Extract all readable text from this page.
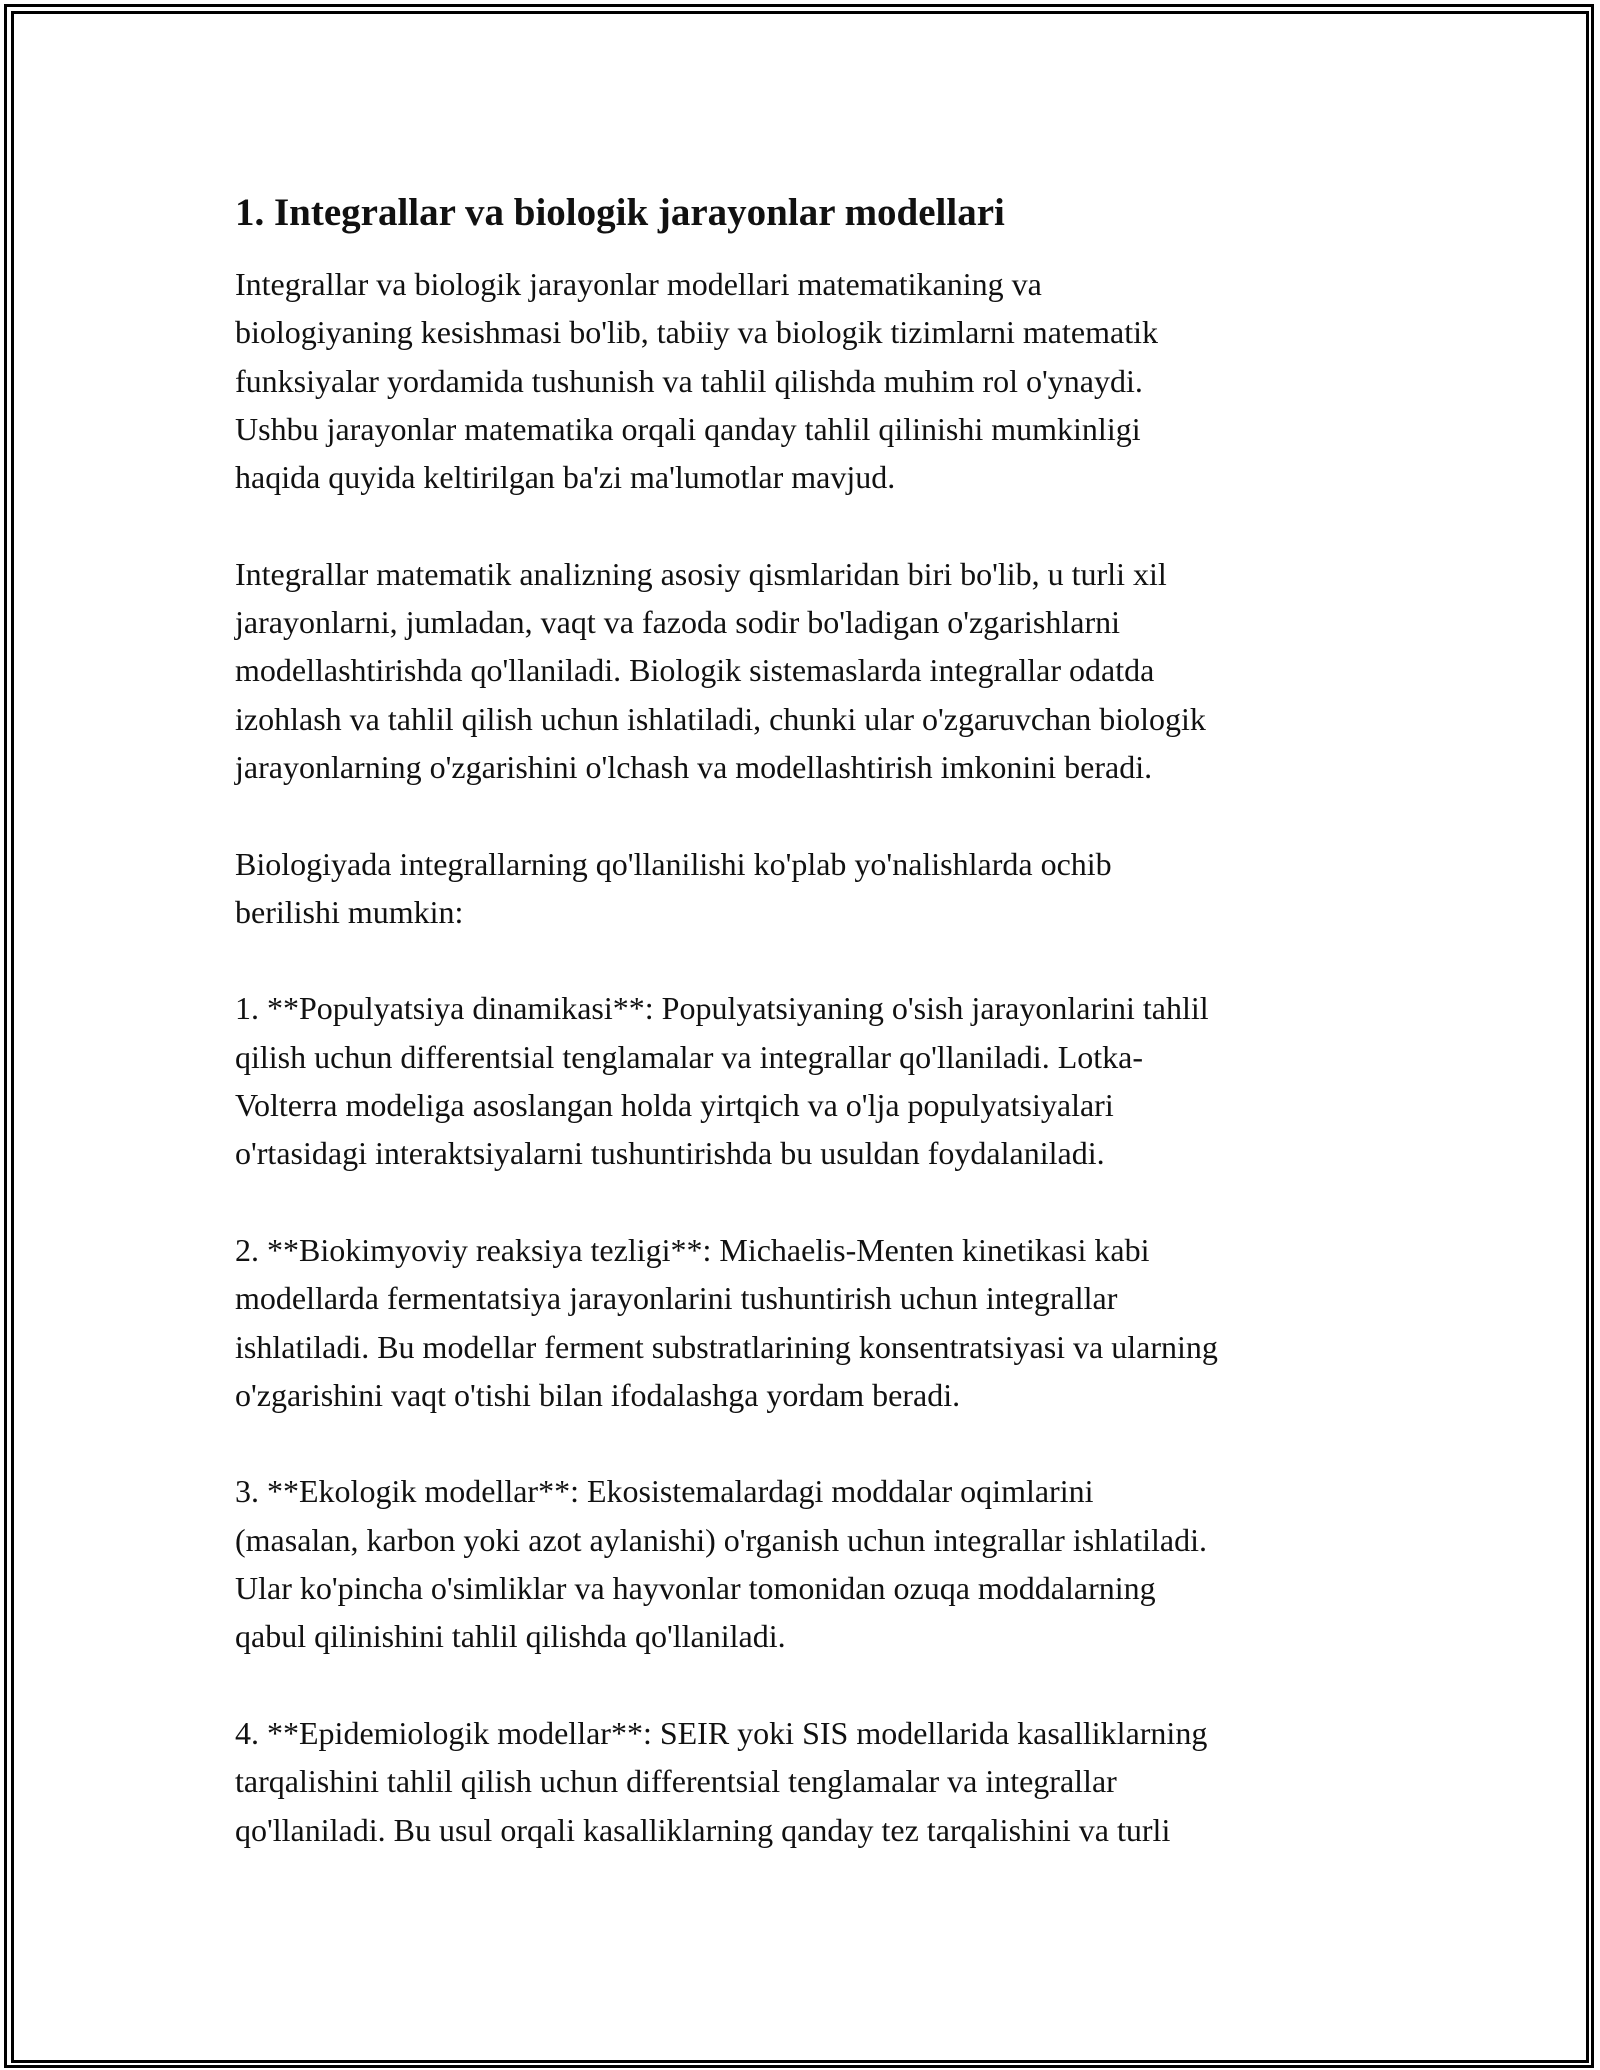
1. Integrallar va biologik jarayonlar modellari

Integrallar va biologik jarayonlar modellari matematikaning va
biologiyaning kesishmasi bo'lib, tabiiy va biologik tizimlarni matematik
funksiyalar yordamida tushunish va tahlil qilishda muhim rol o'ynaydi.
Ushbu jarayonlar matematika orqali qanday tahlil qilinishi mumkinligi
haqida quyida keltirilgan ba'zi ma'lumotlar mavjud.

Integrallar matematik analizning asosiy qismlaridan biri bo'lib, u turli xil
jarayonlarni, jumladan, vaqt va fazoda sodir bo'ladigan o'zgarishlarni
modellashtirishda qo'llaniladi. Biologik sistemaslarda integrallar odatda
izohlash va tahlil qilish uchun ishlatiladi, chunki ular o'zgaruvchan biologik
jarayonlarning o'zgarishini o'lchash va modellashtirish imkonini beradi.

Biologiyada integrallarning qo'llanilishi ko'plab yo'nalishlarda ochib
berilishi mumkin:

1. **Populyatsiya dinamikasi**: Populyatsiyaning o'sish jarayonlarini tahlil
qilish uchun differentsial tenglamalar va integrallar qo'llaniladi. Lotka-
Volterra modeliga asoslangan holda yirtqich va o'lja populyatsiyalari
o'rtasidagi interaktsiyalarni tushuntirishda bu usuldan foydalaniladi.

2. **Biokimyoviy reaksiya tezligi**: Michaelis-Menten kinetikasi kabi
modellarda fermentatsiya jarayonlarini tushuntirish uchun integrallar
ishlatiladi. Bu modellar ferment substratlarining konsentratsiyasi va ularning
o'zgarishini vaqt o'tishi bilan ifodalashga yordam beradi.

3. **Ekologik modellar**: Ekosistemalardagi moddalar oqimlarini
(masalan, karbon yoki azot aylanishi) o'rganish uchun integrallar ishlatiladi.
Ular ko'pincha o'simliklar va hayvonlar tomonidan ozuqa moddalarning
qabul qilinishini tahlil qilishda qo'llaniladi.

4. **Epidemiologik modellar**: SEIR yoki SIS modellarida kasalliklarning
tarqalishini tahlil qilish uchun differentsial tenglamalar va integrallar
qo'llaniladi. Bu usul orqali kasalliklarning qanday tez tarqalishini va turli
